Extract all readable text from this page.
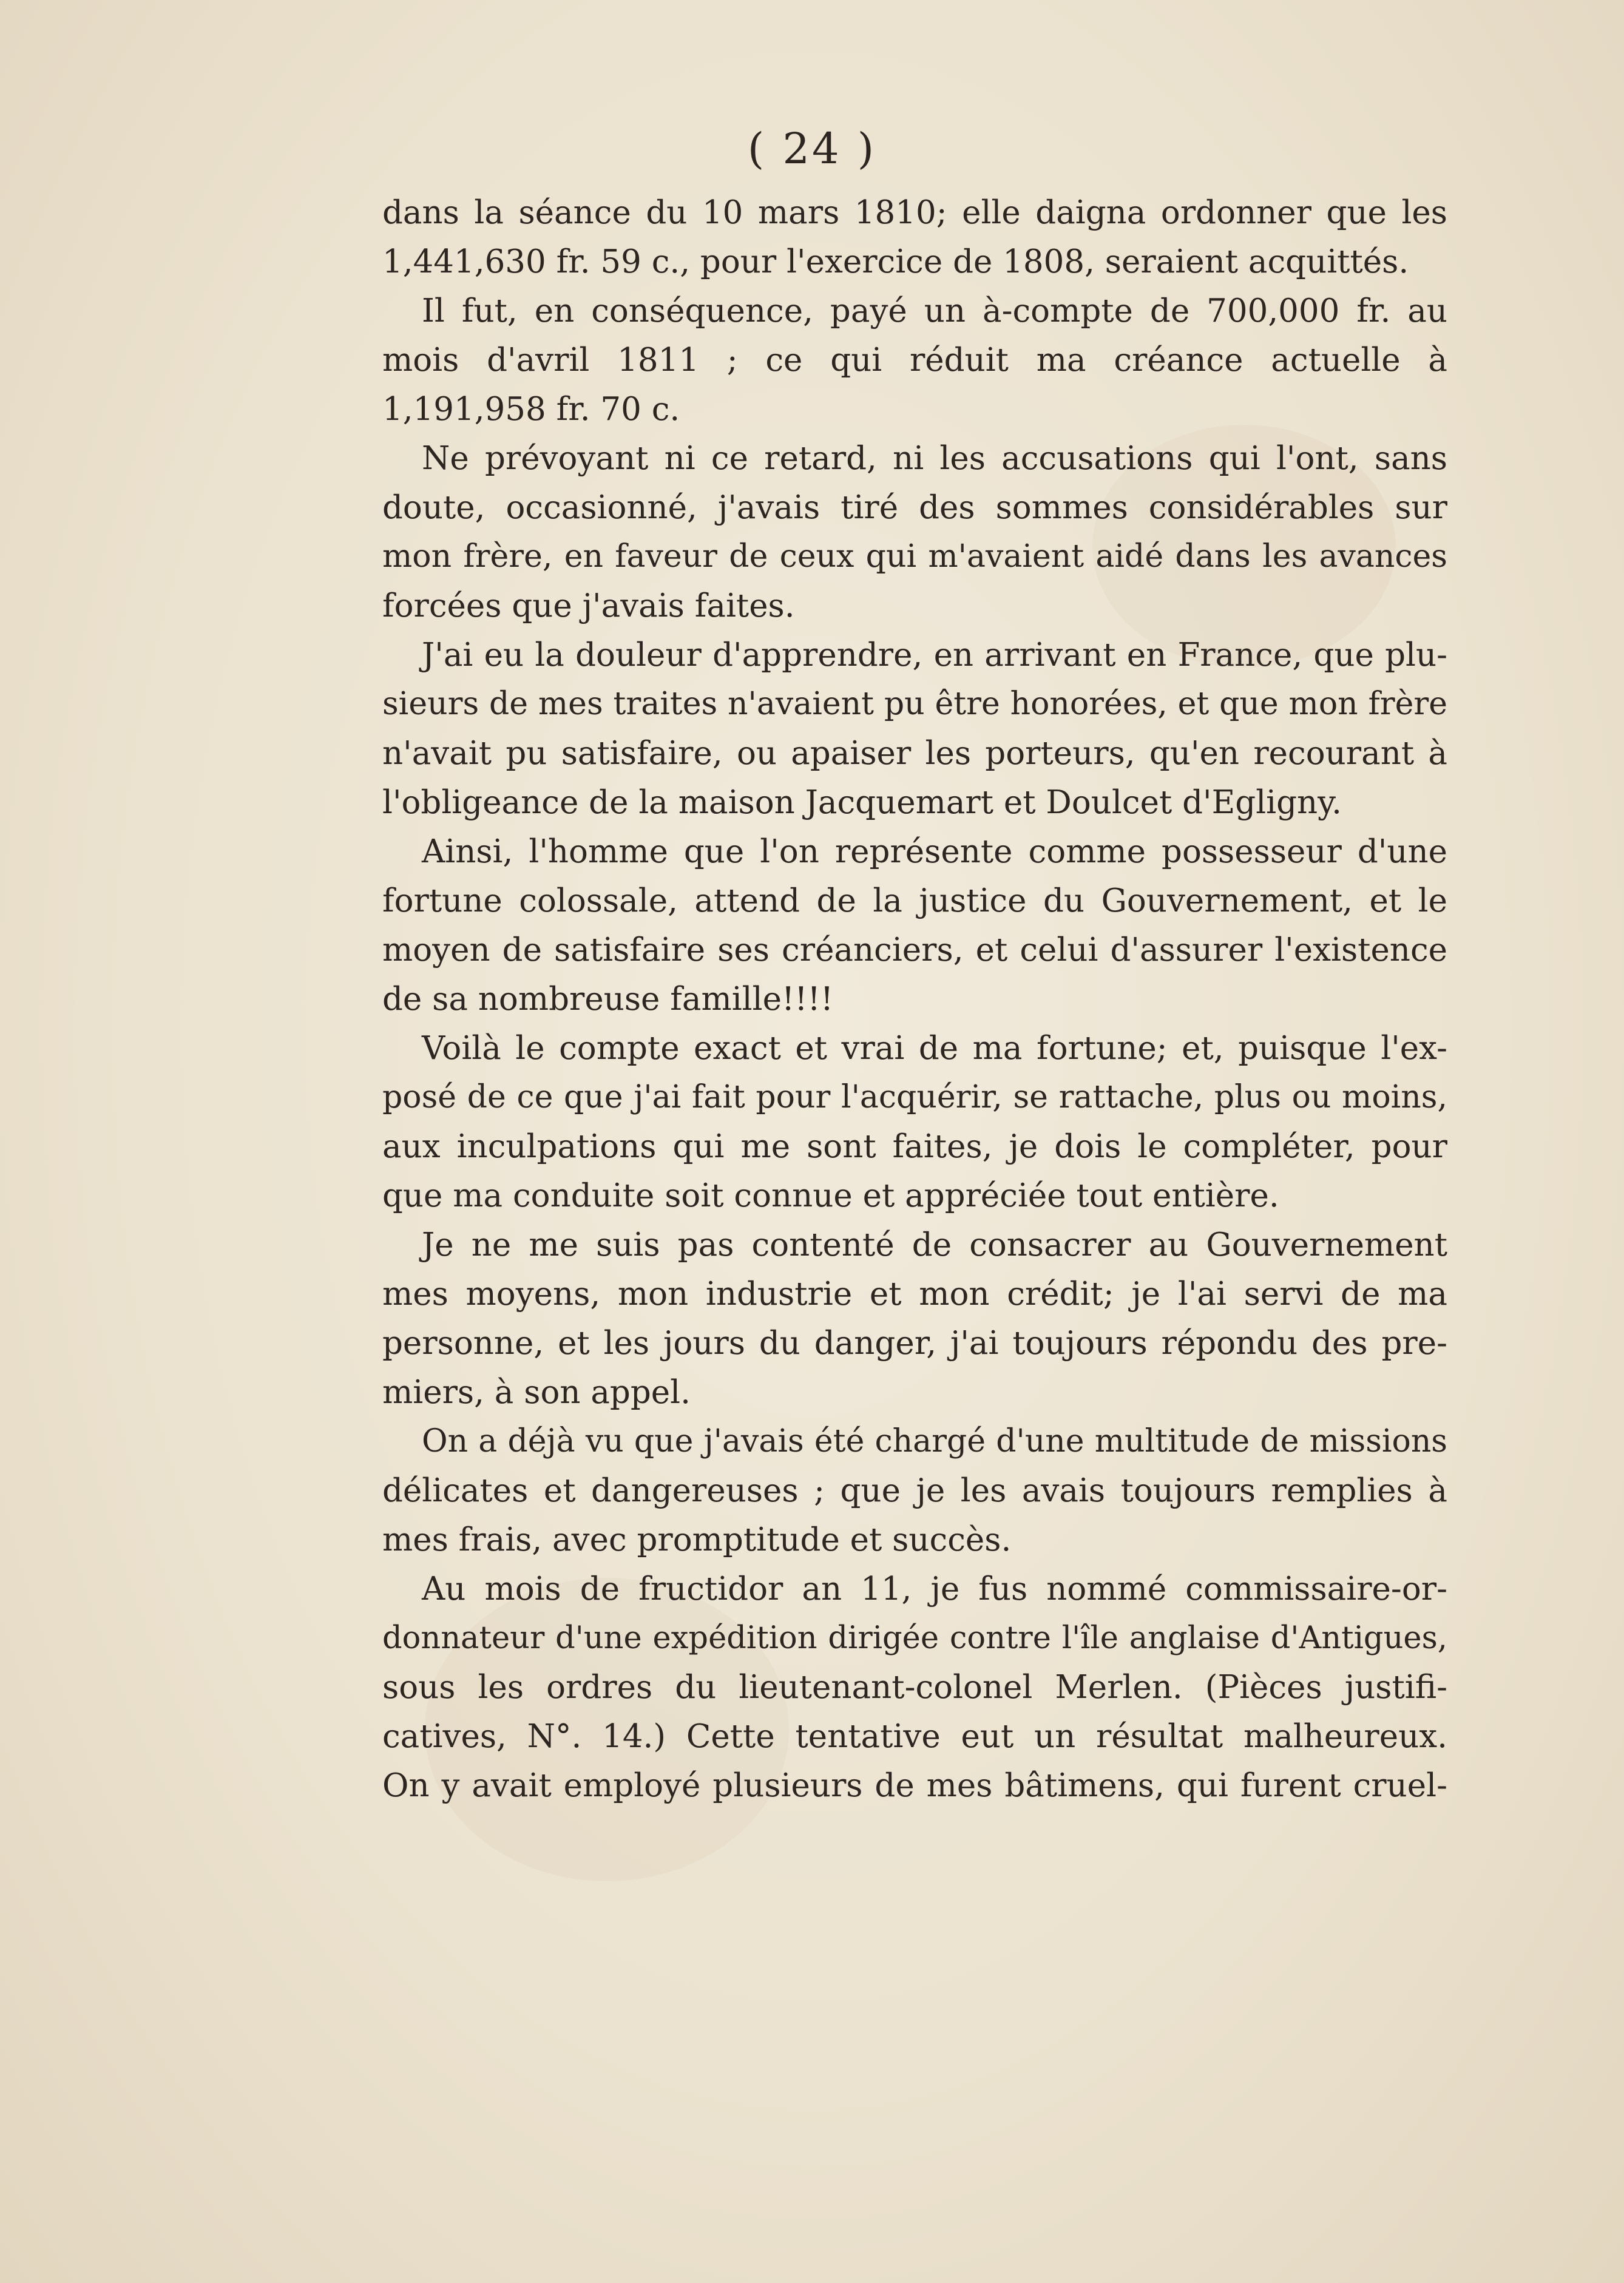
( 24 )
dans la séance du 10 mars 1810; elle daigna ordonner que les
1,441,630 fr. 59 c., pour l'exercice de 1808, seraient acquittés.
Il fut, en conséquence, payé un à-compte de 700,000 fr. au
mois d'avril 1811 ; ce qui réduit ma créance actuelle à
1,191,958 fr. 70 c.
Ne prévoyant ni ce retard, ni les accusations qui l'ont, sans
doute, occasionné, j'avais tiré des sommes considérables sur
mon frère, en faveur de ceux qui m'avaient aidé dans les avances
forcées que j'avais faites.
J'ai eu la douleur d'apprendre, en arrivant en France, que plu-
sieurs de mes traites n'avaient pu être honorées, et que mon frère
n'avait pu satisfaire, ou apaiser les porteurs, qu'en recourant à
l'obligeance de la maison Jacquemart et Doulcet d'Egligny.
Ainsi, l'homme que l'on représente comme possesseur d'une
fortune colossale, attend de la justice du Gouvernement, et le
moyen de satisfaire ses créanciers, et celui d'assurer l'existence
de sa nombreuse famille!!!!
Voilà le compte exact et vrai de ma fortune; et, puisque l'ex-
posé de ce que j'ai fait pour l'acquérir, se rattache, plus ou moins,
aux inculpations qui me sont faites, je dois le compléter, pour
que ma conduite soit connue et appréciée tout entière.
Je ne me suis pas contenté de consacrer au Gouvernement
mes moyens, mon industrie et mon crédit; je l'ai servi de ma
personne, et les jours du danger, j'ai toujours répondu des pre-
miers, à son appel.
On a déjà vu que j'avais été chargé d'une multitude de missions
délicates et dangereuses ; que je les avais toujours remplies à
mes frais, avec promptitude et succès.
Au mois de fructidor an 11, je fus nommé commissaire-or-
donnateur d'une expédition dirigée contre l'île anglaise d'Antigues,
sous les ordres du lieutenant-colonel Merlen. (Pièces justifi-
catives, N°. 14.) Cette tentative eut un résultat malheureux.
On y avait employé plusieurs de mes bâtimens, qui furent cruel-
